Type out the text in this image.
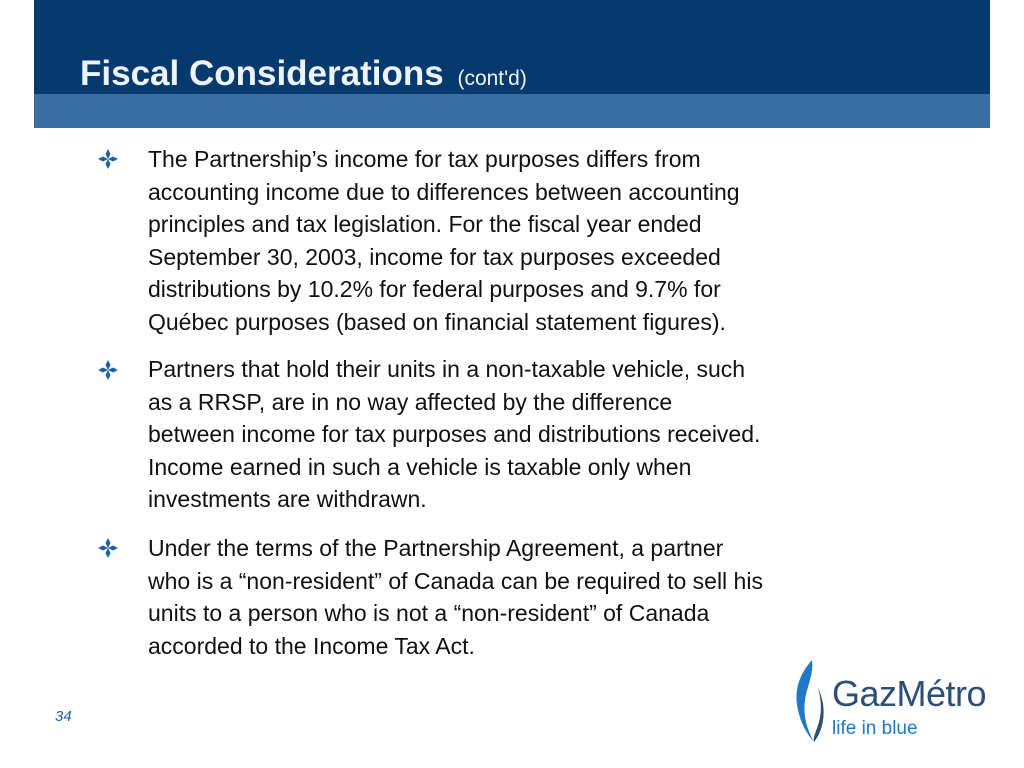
Fiscal Considerations (cont'd)
The Partnership’s income for tax purposes differs from
accounting income due to differences between accounting
principles and tax legislation. For the fiscal year ended
September 30, 2003, income for tax purposes exceeded
distributions by 10.2% for federal purposes and 9.7% for
Québec purposes (based on financial statement figures).
Partners that hold their units in a non-taxable vehicle, such
as a RRSP, are in no way affected by the difference
between income for tax purposes and distributions received.
Income earned in such a vehicle is taxable only when
investments are withdrawn.
Under the terms of the Partnership Agreement, a partner
who is a “non-resident” of Canada can be required to sell his
units to a person who is not a “non-resident” of Canada
accorded to the Income Tax Act.
34
GazMétro
life in blue
